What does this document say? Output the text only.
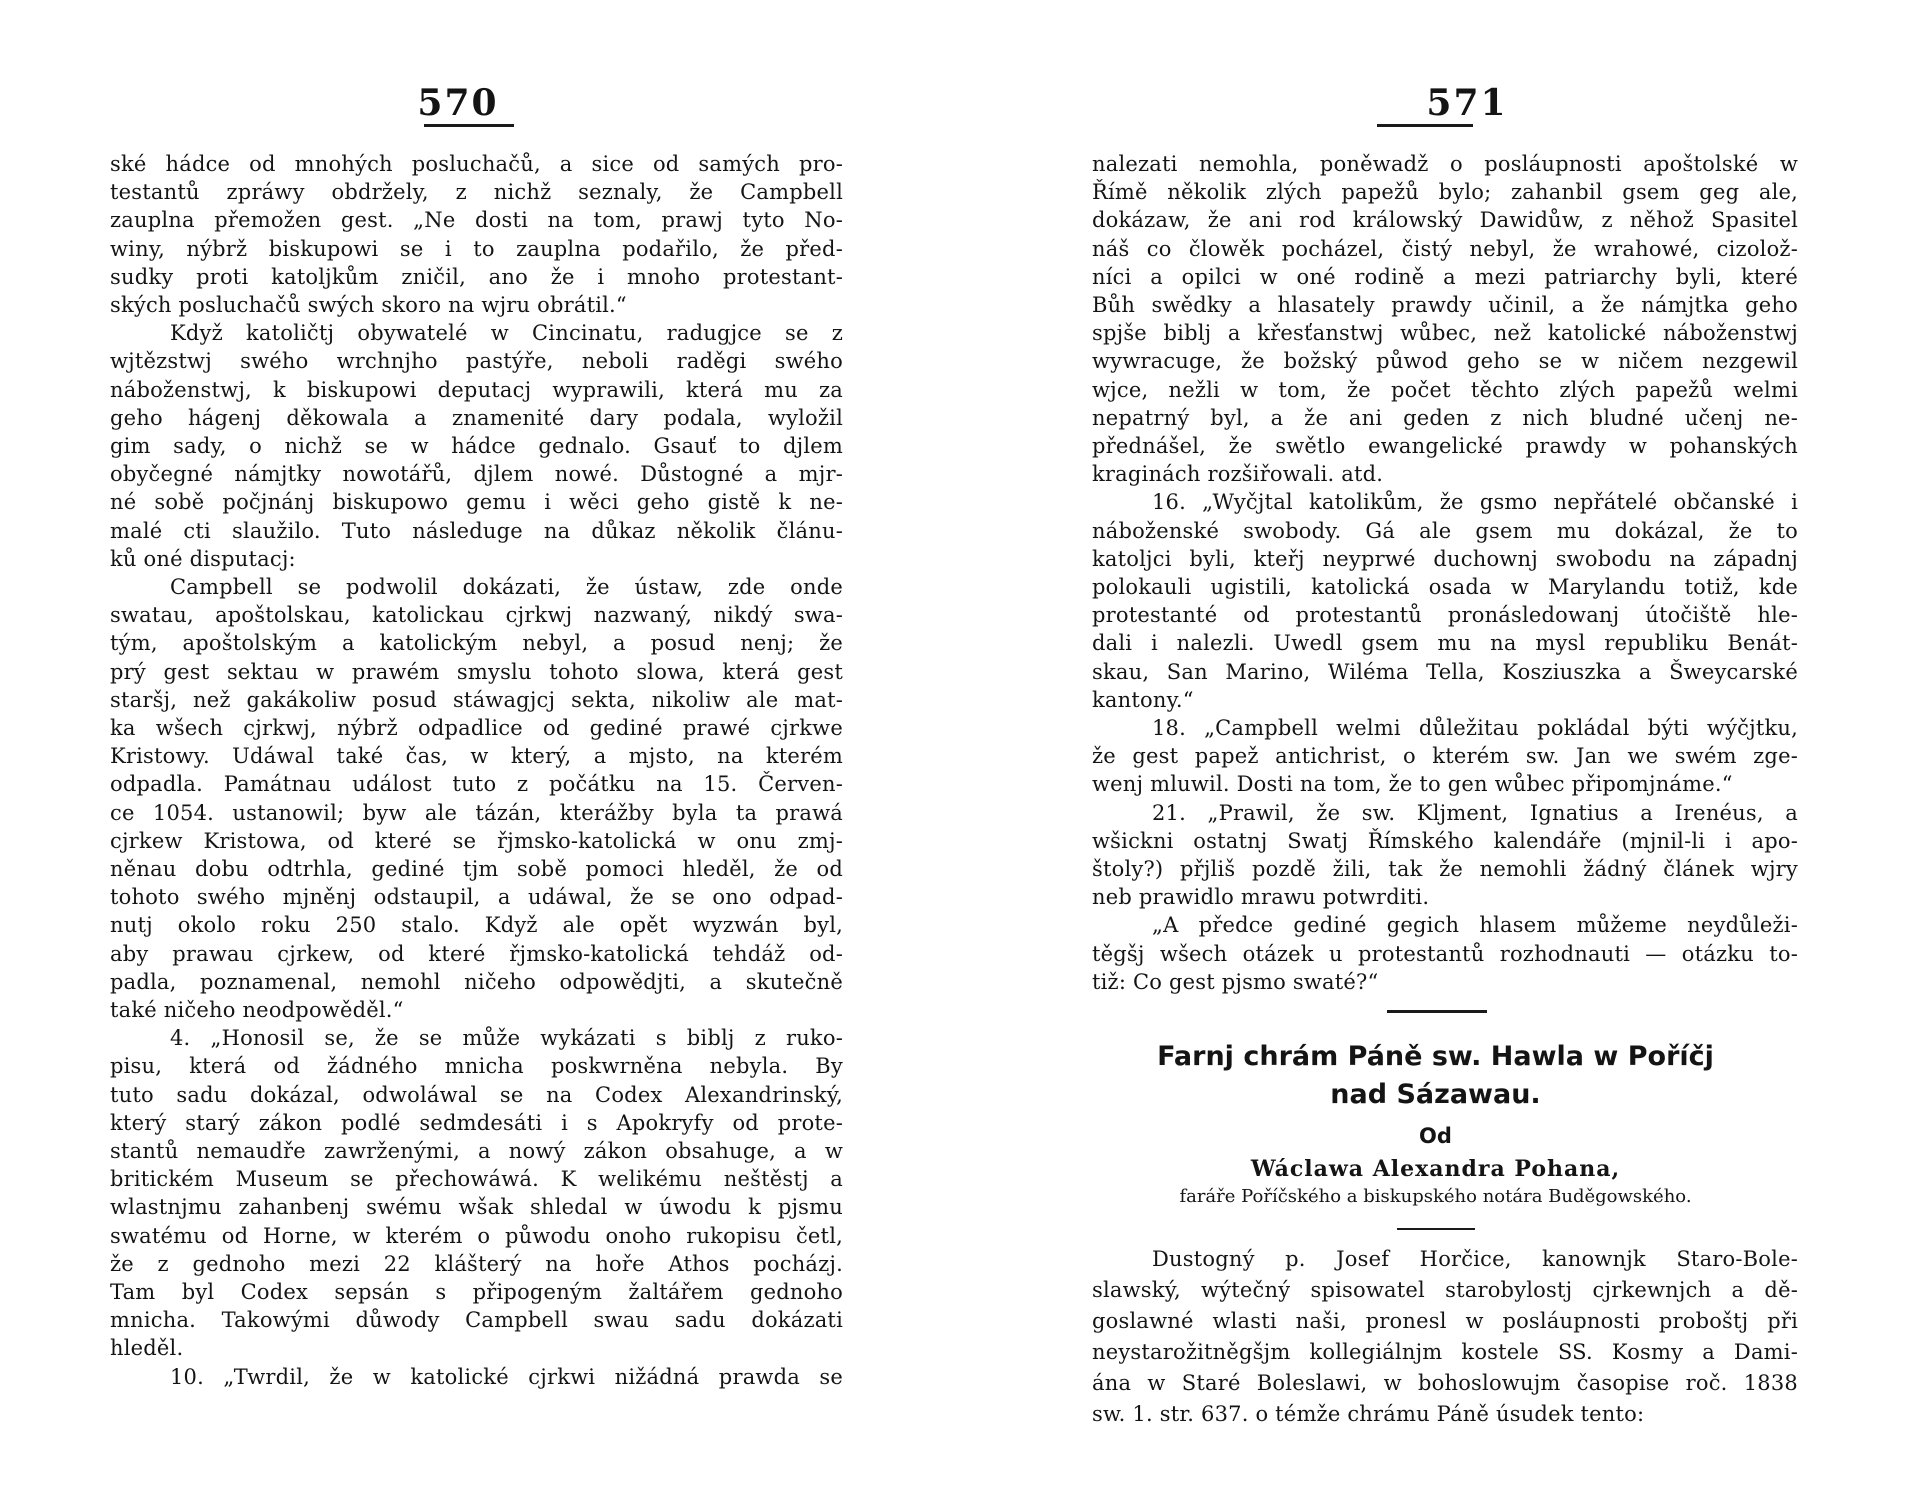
570
ské hádce od mnohých posluchačů, a sice od samých pro-
testantů zpráwy obdržely, z nichž seznaly, že Campbell
zauplna přemožen gest. „Ne dosti na tom, prawj tyto No-
winy, nýbrž biskupowi se i to zauplna podařilo, že před-
sudky proti katoljkům zničil, ano že i mnoho protestant-
ských posluchačů swých skoro na wjru obrátil.“
Když katoličtj obywatelé w Cincinatu, radugjce se z
wjtězstwj swého wrchnjho pastýře, neboli raděgi swého
náboženstwj, k biskupowi deputacj wyprawili, která mu za
geho hágenj děkowala a znamenité dary podala, wyložil
gim sady, o nichž se w hádce gednalo. Gsauť to djlem
obyčegné námjtky nowotářů, djlem nowé. Důstogné a mjr-
né sobě počjnánj biskupowo gemu i wěci geho gistě k ne-
malé cti slaužilo. Tuto následuge na důkaz několik článu-
ků oné disputacj:
Campbell se podwolil dokázati, že ústaw, zde onde
swatau, apoštolskau, katolickau cjrkwj nazwaný, nikdý swa-
tým, apoštolským a katolickým nebyl, a posud nenj; že
prý gest sektau w prawém smyslu tohoto slowa, která gest
staršj, než gakákoliw posud stáwagjcj sekta, nikoliw ale mat-
ka wšech cjrkwj, nýbrž odpadlice od gediné prawé cjrkwe
Kristowy. Udáwal také čas, w který, a mjsto, na kterém
odpadla. Památnau událost tuto z počátku na 15. Červen-
ce 1054. ustanowil; byw ale tázán, kterážby byla ta prawá
cjrkew Kristowa, od které se řjmsko-katolická w onu zmj-
něnau dobu odtrhla, gediné tjm sobě pomoci hleděl, že od
tohoto swého mjněnj odstaupil, a udáwal, že se ono odpad-
nutj okolo roku 250 stalo. Když ale opět wyzwán byl,
aby prawau cjrkew, od které řjmsko-katolická tehdáž od-
padla, poznamenal, nemohl ničeho odpowědjti, a skutečně
také ničeho neodpowěděl.“
4. „Honosil se, že se může wykázati s biblj z ruko-
pisu, která od žádného mnicha poskwrněna nebyla. By
tuto sadu dokázal, odwoláwal se na Codex Alexandrinský,
který starý zákon podlé sedmdesáti i s Apokryfy od prote-
stantů nemaudře zawrženými, a nowý zákon obsahuge, a w
britickém Museum se přechowáwá. K welikému neštěstj a
wlastnjmu zahanbenj swému wšak shledal w úwodu k pjsmu
swatému od Horne, w kterém o půwodu onoho rukopisu četl,
že z gednoho mezi 22 klášterý na hoře Athos pocházj.
Tam byl Codex sepsán s připogeným žaltářem gednoho
mnicha. Takowými důwody Campbell swau sadu dokázati
hleděl.
10. „Twrdil, že w katolické cjrkwi nižádná prawda se
571
nalezati nemohla, poněwadž o posláupnosti apoštolské w
Římě několik zlých papežů bylo; zahanbil gsem geg ale,
dokázaw, že ani rod králowský Dawidůw, z něhož Spasitel
náš co člowěk pocházel, čistý nebyl, že wrahowé, cizolož-
níci a opilci w oné rodině a mezi patriarchy byli, které
Bůh swědky a hlasately prawdy učinil, a že námjtka geho
spjše biblj a křesťanstwj wůbec, než katolické náboženstwj
wywracuge, že božský půwod geho se w ničem nezgewil
wjce, nežli w tom, že počet těchto zlých papežů welmi
nepatrný byl, a že ani geden z nich bludné učenj ne-
přednášel, že swětlo ewangelické prawdy w pohanských
kraginách rozšiřowali. atd.
16. „Wyčjtal katolikům, že gsmo nepřátelé občanské i
náboženské swobody. Gá ale gsem mu dokázal, že to
katoljci byli, kteřj neyprwé duchownj swobodu na západnj
polokauli ugistili, katolická osada w Marylandu totiž, kde
protestanté od protestantů pronásledowanj útočiště hle-
dali i nalezli. Uwedl gsem mu na mysl republiku Benát-
skau, San Marino, Wiléma Tella, Kosziuszka a Šweycarské
kantony.“
18. „Campbell welmi důležitau pokládal býti wýčjtku,
že gest papež antichrist, o kterém sw. Jan we swém zge-
wenj mluwil. Dosti na tom, že to gen wůbec připomjnáme.“
21. „Prawil, že sw. Kljment, Ignatius a Irenéus, a
wšickni ostatnj Swatj Římského kalendáře (mjnil-li i apo-
štoly?) přjliš pozdě žili, tak že nemohli žádný článek wjry
neb prawidlo mrawu potwrditi.
„A předce gediné gegich hlasem můžeme neydůleži-
těgšj wšech otázek u protestantů rozhodnauti — otázku to-
tiž: Co gest pjsmo swaté?“
Farnj chrám Páně sw. Hawla w Poříčj
nad Sázawau.
Od
Wáclawa Alexandra Pohana,
faráře Poříčského a biskupského notára Buděgowského.
Dustogný p. Josef Horčice, kanownjk Staro-Bole-
slawský, wýtečný spisowatel starobylostj cjrkewnjch a dě-
goslawné wlasti naši, pronesl w posláupnosti proboštj při
neystarožitněgšjm kollegiálnjm kostele SS. Kosmy a Dami-
ána w Staré Boleslawi, w bohoslowujm časopise roč. 1838
sw. 1. str. 637. o témže chrámu Páně úsudek tento:
